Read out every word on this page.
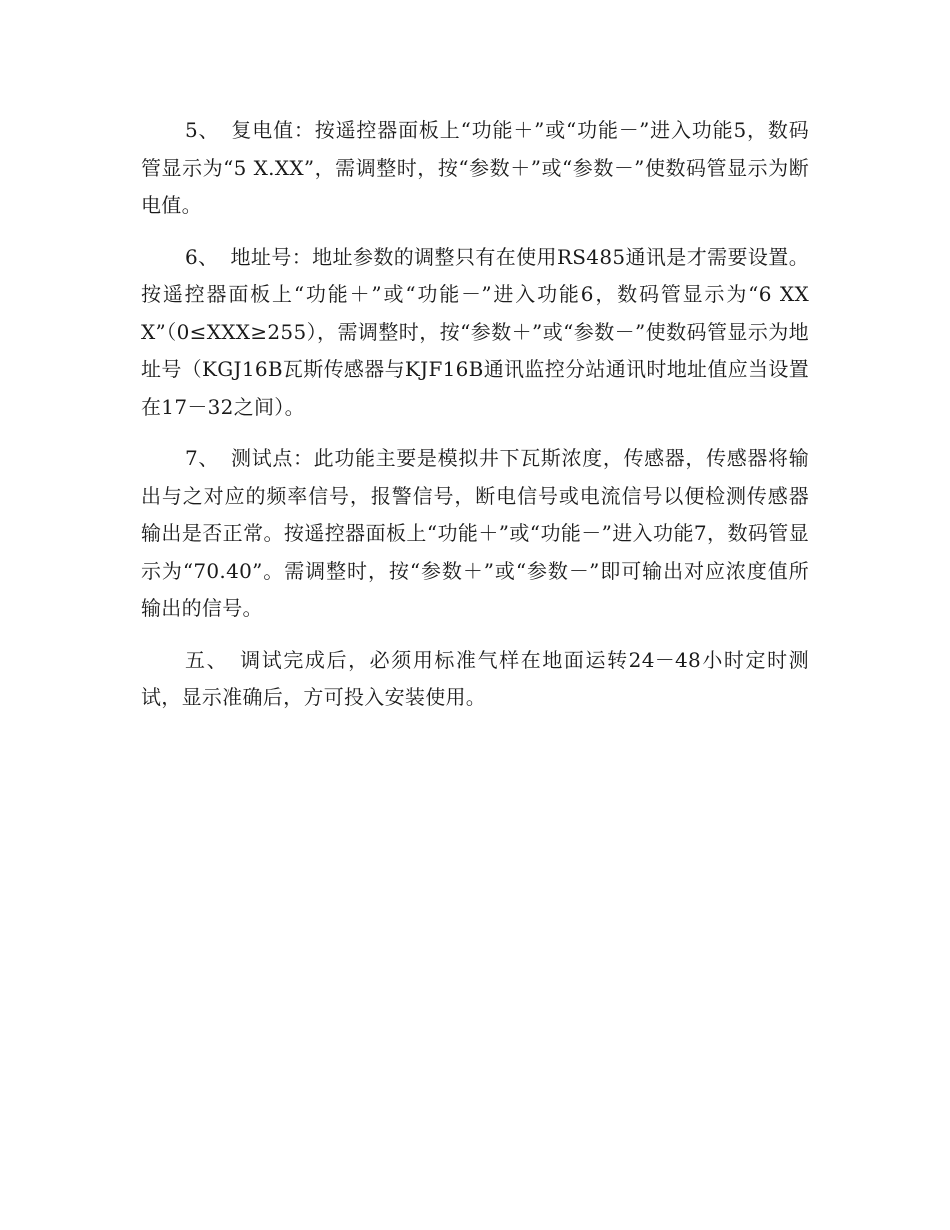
5、 复电值：按遥控器面板上“功能＋”或“功能－”进入功能5，数码管显示为“5 X.XX”，需调整时，按“参数＋”或“参数－”使数码管显示为断电值。

6、 地址号：地址参数的调整只有在使用RS485通讯是才需要设置。按遥控器面板上“功能＋”或“功能－”进入功能6，数码管显示为“6 XXX”（0≤XXX≥255），需调整时，按“参数＋”或“参数－”使数码管显示为地址号（KGJ16B瓦斯传感器与KJF16B通讯监控分站通讯时地址值应当设置在17－32之间）。

7、 测试点：此功能主要是模拟井下瓦斯浓度，传感器，传感器将输出与之对应的频率信号，报警信号，断电信号或电流信号以便检测传感器输出是否正常。按遥控器面板上“功能＋”或“功能－”进入功能7，数码管显示为“70.40”。需调整时，按“参数＋”或“参数－”即可输出对应浓度值所输出的信号。

五、 调试完成后，必须用标准气样在地面运转24－48小时定时测试，显示准确后，方可投入安装使用。
